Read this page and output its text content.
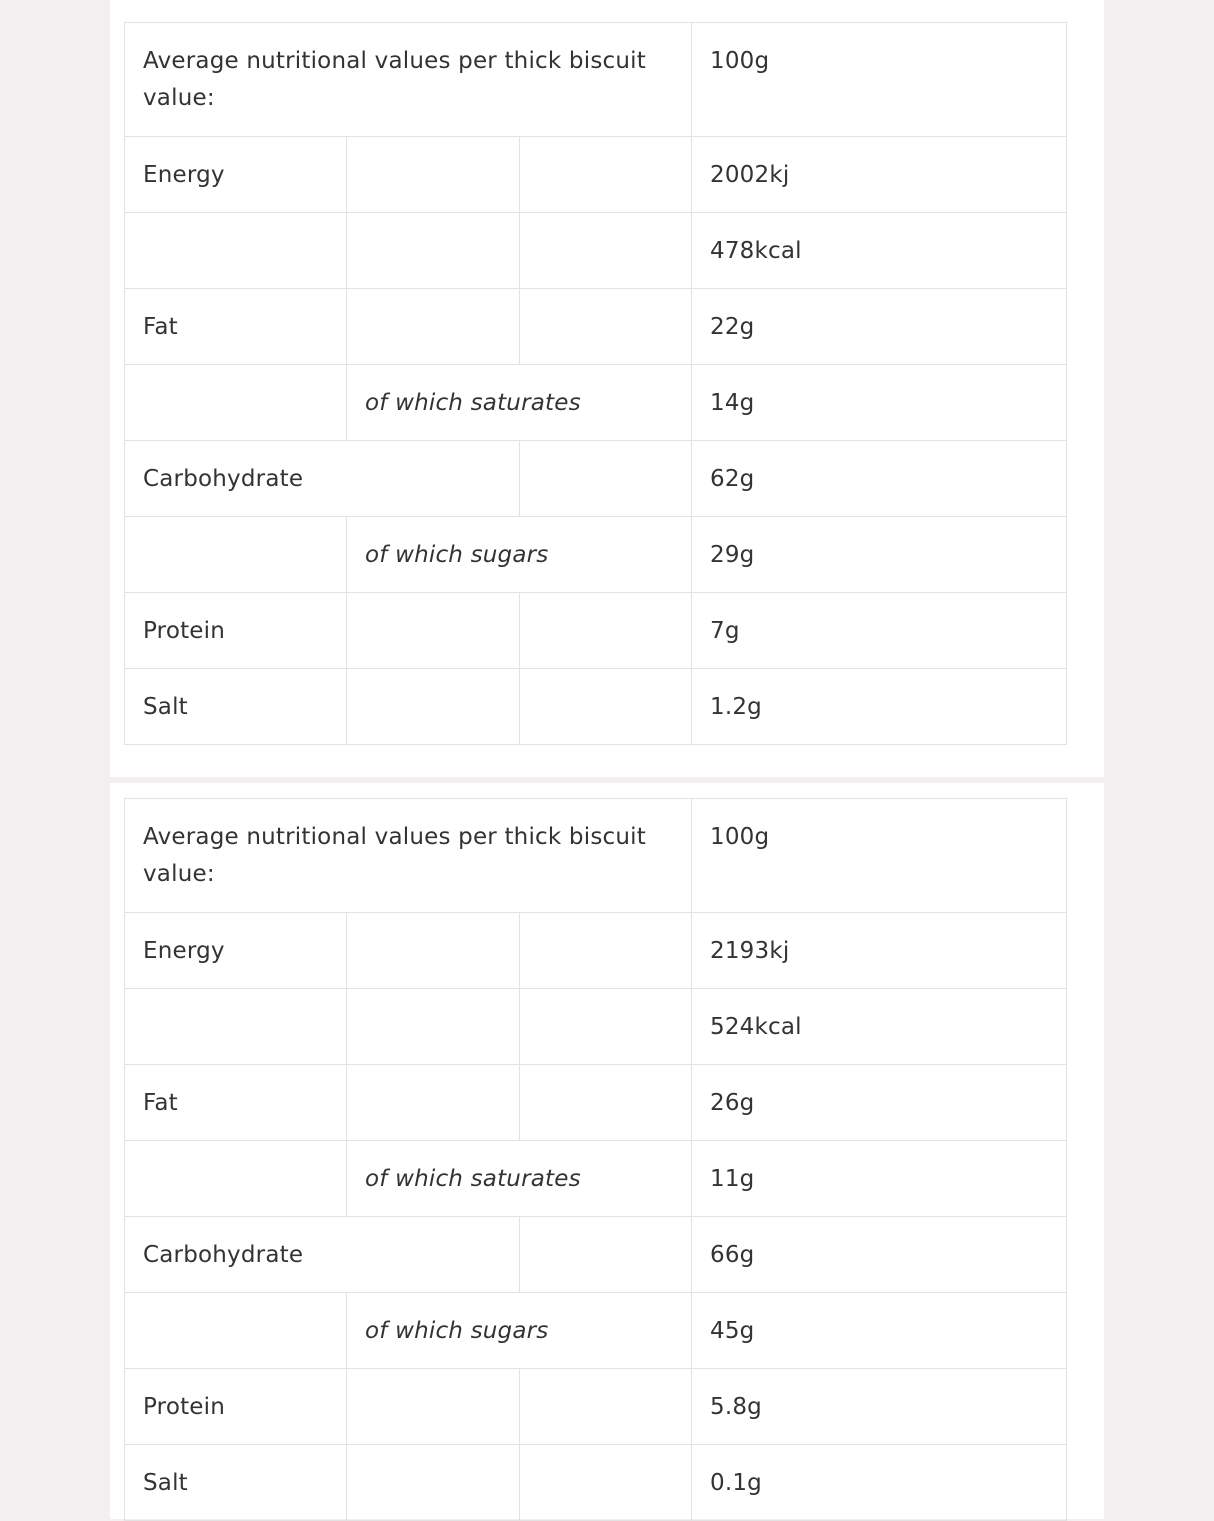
Average nutritional values per thick biscuit value:			100g
Energy			2002kj
			478kcal
Fat			22g
	of which saturates		14g
Carbohydrate			62g
	of which sugars		29g
Protein			7g
Salt			1.2g
Average nutritional values per thick biscuit value:			100g
Energy			2193kj
			524kcal
Fat			26g
	of which saturates		11g
Carbohydrate			66g
	of which sugars		45g
Protein			5.8g
Salt			0.1g
